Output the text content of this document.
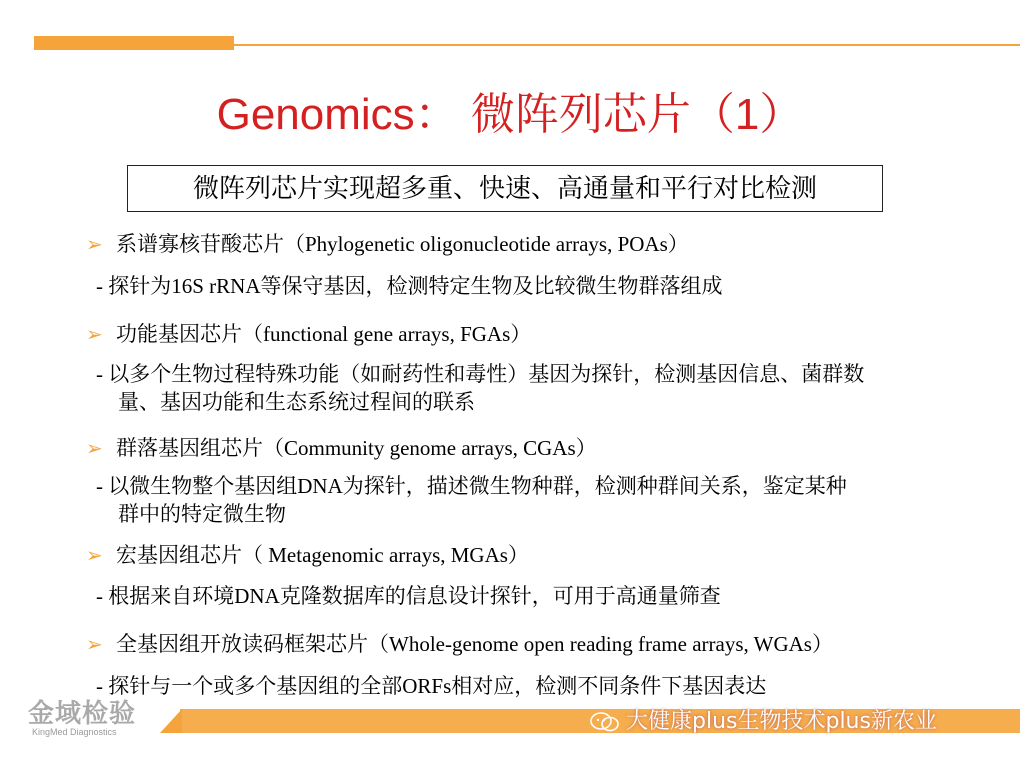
Genomics： 微阵列芯片（1）
微阵列芯片实现超多重、快速、高通量和平行对比检测
➢ 系谱寡核苷酸芯片（Phylogenetic oligonucleotide arrays, POAs）
- 探针为16S rRNA等保守基因，检测特定生物及比较微生物群落组成
➢ 功能基因芯片（functional gene arrays, FGAs）
- 以多个生物过程特殊功能（如耐药性和毒性）基因为探针，检测基因信息、菌群数
量、基因功能和生态系统过程间的联系
➢ 群落基因组芯片（Community genome arrays, CGAs）
- 以微生物整个基因组DNA为探针，描述微生物种群，检测种群间关系，鉴定某种
群中的特定微生物
➢ 宏基因组芯片（ Metagenomic arrays, MGAs）
- 根据来自环境DNA克隆数据库的信息设计探针，可用于高通量筛查
➢ 全基因组开放读码框架芯片（Whole-genome open reading frame arrays, WGAs）
- 探针与一个或多个基因组的全部ORFs相对应，检测不同条件下基因表达
金域检验
KingMed Diagnostics	大健康plus生物技术plus新农业
